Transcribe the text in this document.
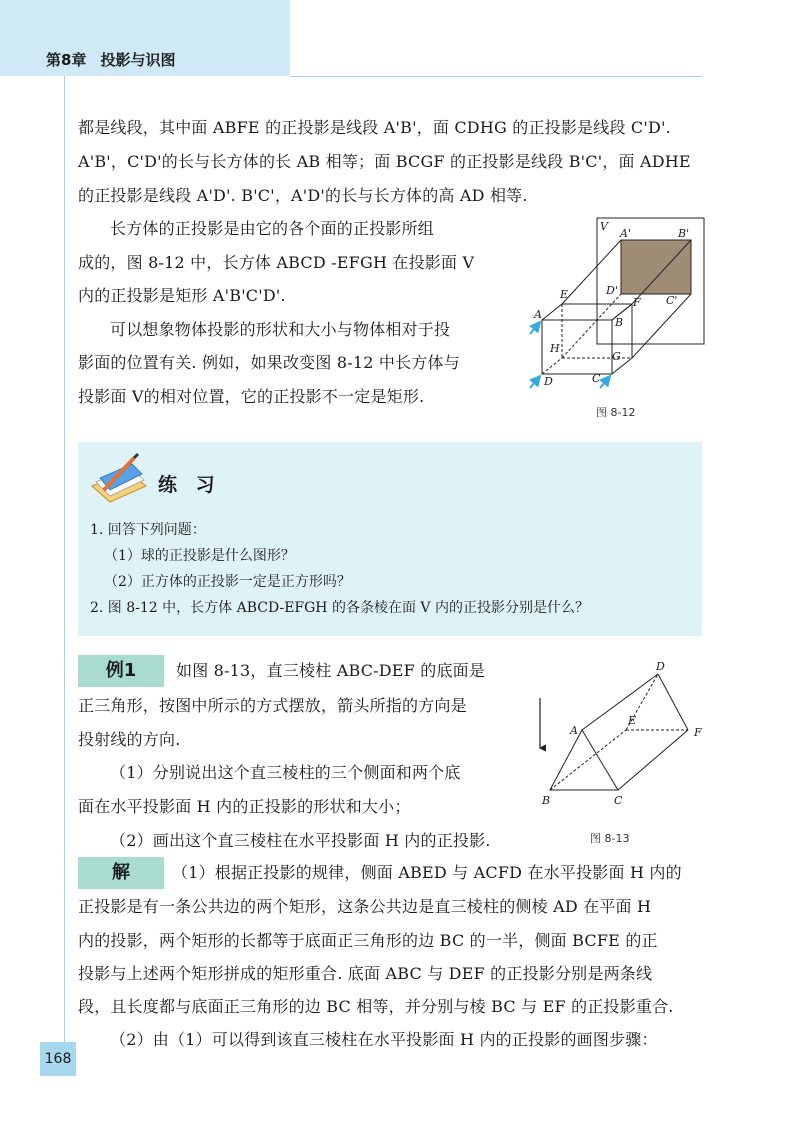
第8章 投影与识图
都是线段，其中面 ABFE 的正投影是线段 A'B'，面 CDHG 的正投影是线段 C'D'.
A'B'，C'D'的长与长方体的长 AB 相等；面 BCGF 的正投影是线段 B'C'，面 ADHE
的正投影是线段 A'D'. B'C'，A'D'的长与长方体的高 AD 相等.
长方体的正投影是由它的各个面的正投影所组
成的，图 8-12 中，长方体 ABCD -EFGH 在投影面 V
内的正投影是矩形 A'B'C'D'.
可以想象物体投影的形状和大小与物体相对于投
影面的位置有关. 例如，如果改变图 8-12 中长方体与
投影面 V的相对位置，它的正投影不一定是矩形.
V
A'	B'
D'
C'
E
F
A
B
H
G
D	C
图 8-12
练 习
1. 回答下列问题：
（1）球的正投影是什么图形？
（2）正方体的正投影一定是正方形吗？
2. 图 8-12 中，长方体 ABCD-EFGH 的各条棱在面 V 内的正投影分别是什么？
例1	如图 8-13，直三棱柱 ABC-DEF 的底面是
正三角形，按图中所示的方式摆放，箭头所指的方向是
投射线的方向.
（1）分别说出这个直三棱柱的三个侧面和两个底
面在水平投影面 H 内的正投影的形状和大小；
（2）画出这个直三棱柱在水平投影面 H 内的正投影.
A
B	C
D
E
F
图 8-13
解	（1）根据正投影的规律，侧面 ABED 与 ACFD 在水平投影面 H 内的
正投影是有一条公共边的两个矩形，这条公共边是直三棱柱的侧棱 AD 在平面 H
内的投影，两个矩形的长都等于底面正三角形的边 BC 的一半，侧面 BCFE 的正
投影与上述两个矩形拼成的矩形重合. 底面 ABC 与 DEF 的正投影分别是两条线
段，且长度都与底面正三角形的边 BC 相等，并分别与棱 BC 与 EF 的正投影重合.
（2）由（1）可以得到该直三棱柱在水平投影面 H 内的正投影的画图步骤：
168
